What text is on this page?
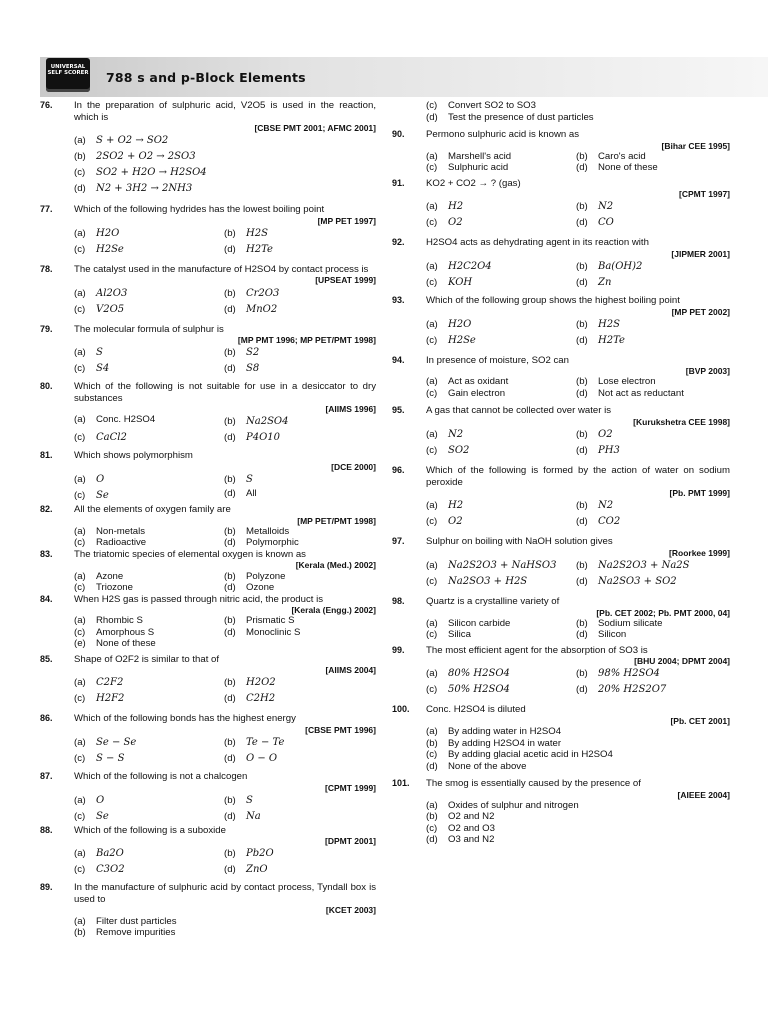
UNIVERSAL
SELF SCORER 788 s and p-Block Elements
76. In the preparation of sulphuric acid, V2O5 is used in the reaction, which is
[CBSE PMT 2001; AFMC 2001]
(a) S + O2 → SO2
(b) 2SO2 + O2 → 2SO3
(c) SO2 + H2O → H2SO4
(d) N2 + 3H2 → 2NH3
77. Which of the following hydrides has the lowest boiling point
[MP PET 1997]
(a) H2O	(b) H2S
(c) H2Se	(d) H2Te
78. The catalyst used in the manufacture of H2SO4 by contact process is
[UPSEAT 1999]
(a) Al2O3	(b) Cr2O3
(c) V2O5	(d) MnO2
79. The molecular formula of sulphur is
[MP PMT 1996; MP PET/PMT 1998]
(a) S	(b) S2
(c) S4	(d) S8
80. Which of the following is not suitable for use in a desiccator to dry substances
[AIIMS 1996]
(a) Conc. H2SO4	(b) Na2SO4
(c) CaCl2	(d) P4O10
81. Which shows polymorphism
[DCE 2000]
(a) O	(b) S
(c) Se	(d) All
82. All the elements of oxygen family are
[MP PET/PMT 1998]
(a) Non-metals	(b) Metalloids
(c) Radioactive	(d) Polymorphic
83. The triatomic species of elemental oxygen is known as
[Kerala (Med.) 2002]
(a) Azone	(b) Polyzone
(c) Triozone	(d) Ozone
84. When H2S gas is passed through nitric acid, the product is
[Kerala (Engg.) 2002]
(a) Rhombic S	(b) Prismatic S
(c) Amorphous S	(d) Monoclinic S
(e) None of these
85. Shape of O2F2 is similar to that of
[AIIMS 2004]
(a) C2F2	(b) H2O2
(c) H2F2	(d) C2H2
86. Which of the following bonds has the highest energy
[CBSE PMT 1996]
(a) Se − Se	(b) Te − Te
(c) S − S	(d) O − O
87. Which of the following is not a chalcogen
[CPMT 1999]
(a) O	(b) S
(c) Se	(d) Na
88. Which of the following is a suboxide
[DPMT 2001]
(a) Ba2O	(b) Pb2O
(c) C3O2	(d) ZnO
89. In the manufacture of sulphuric acid by contact process, Tyndall box is used to
[KCET 2003]
(a) Filter dust particles
(b) Remove impurities
(c) Convert SO2 to SO3
(d) Test the presence of dust particles
90. Permono sulphuric acid is known as
[Bihar CEE 1995]
(a) Marshell's acid	(b) Caro's acid
(c) Sulphuric acid	(d) None of these
91. KO2 + CO2 → ? (gas)
[CPMT 1997]
(a) H2	(b) N2
(c) O2	(d) CO
92. H2SO4 acts as dehydrating agent in its reaction with
[JIPMER 2001]
(a) H2C2O4	(b) Ba(OH)2
(c) KOH	(d) Zn
93. Which of the following group shows the highest boiling point
[MP PET 2002]
(a) H2O	(b) H2S
(c) H2Se	(d) H2Te
94. In presence of moisture, SO2 can
[BVP 2003]
(a) Act as oxidant	(b) Lose electron
(c) Gain electron	(d) Not act as reductant
95. A gas that cannot be collected over water is
[Kurukshetra CEE 1998]
(a) N2	(b) O2
(c) SO2	(d) PH3
96. Which of the following is formed by the action of water on sodium peroxide
[Pb. PMT 1999]
(a) H2	(b) N2
(c) O2	(d) CO2
97. Sulphur on boiling with NaOH solution gives
[Roorkee 1999]
(a) Na2S2O3 + NaHSO3	(b) Na2S2O3 + Na2S
(c) Na2SO3 + H2S	(d) Na2SO3 + SO2
98. Quartz is a crystalline variety of
[Pb. CET 2002; Pb. PMT 2000, 04]
(a) Silicon carbide	(b) Sodium silicate
(c) Silica	(d) Silicon
99. The most efficient agent for the absorption of SO3 is
[BHU 2004; DPMT 2004]
(a) 80% H2SO4	(b) 98% H2SO4
(c) 50% H2SO4	(d) 20% H2S2O7
100. Conc. H2SO4 is diluted
[Pb. CET 2001]
(a) By adding water in H2SO4
(b) By adding H2SO4 in water
(c) By adding glacial acetic acid in H2SO4
(d) None of the above
101. The smog is essentially caused by the presence of
[AIEEE 2004]
(a) Oxides of sulphur and nitrogen
(b) O2 and N2
(c) O2 and O3
(d) O3 and N2
